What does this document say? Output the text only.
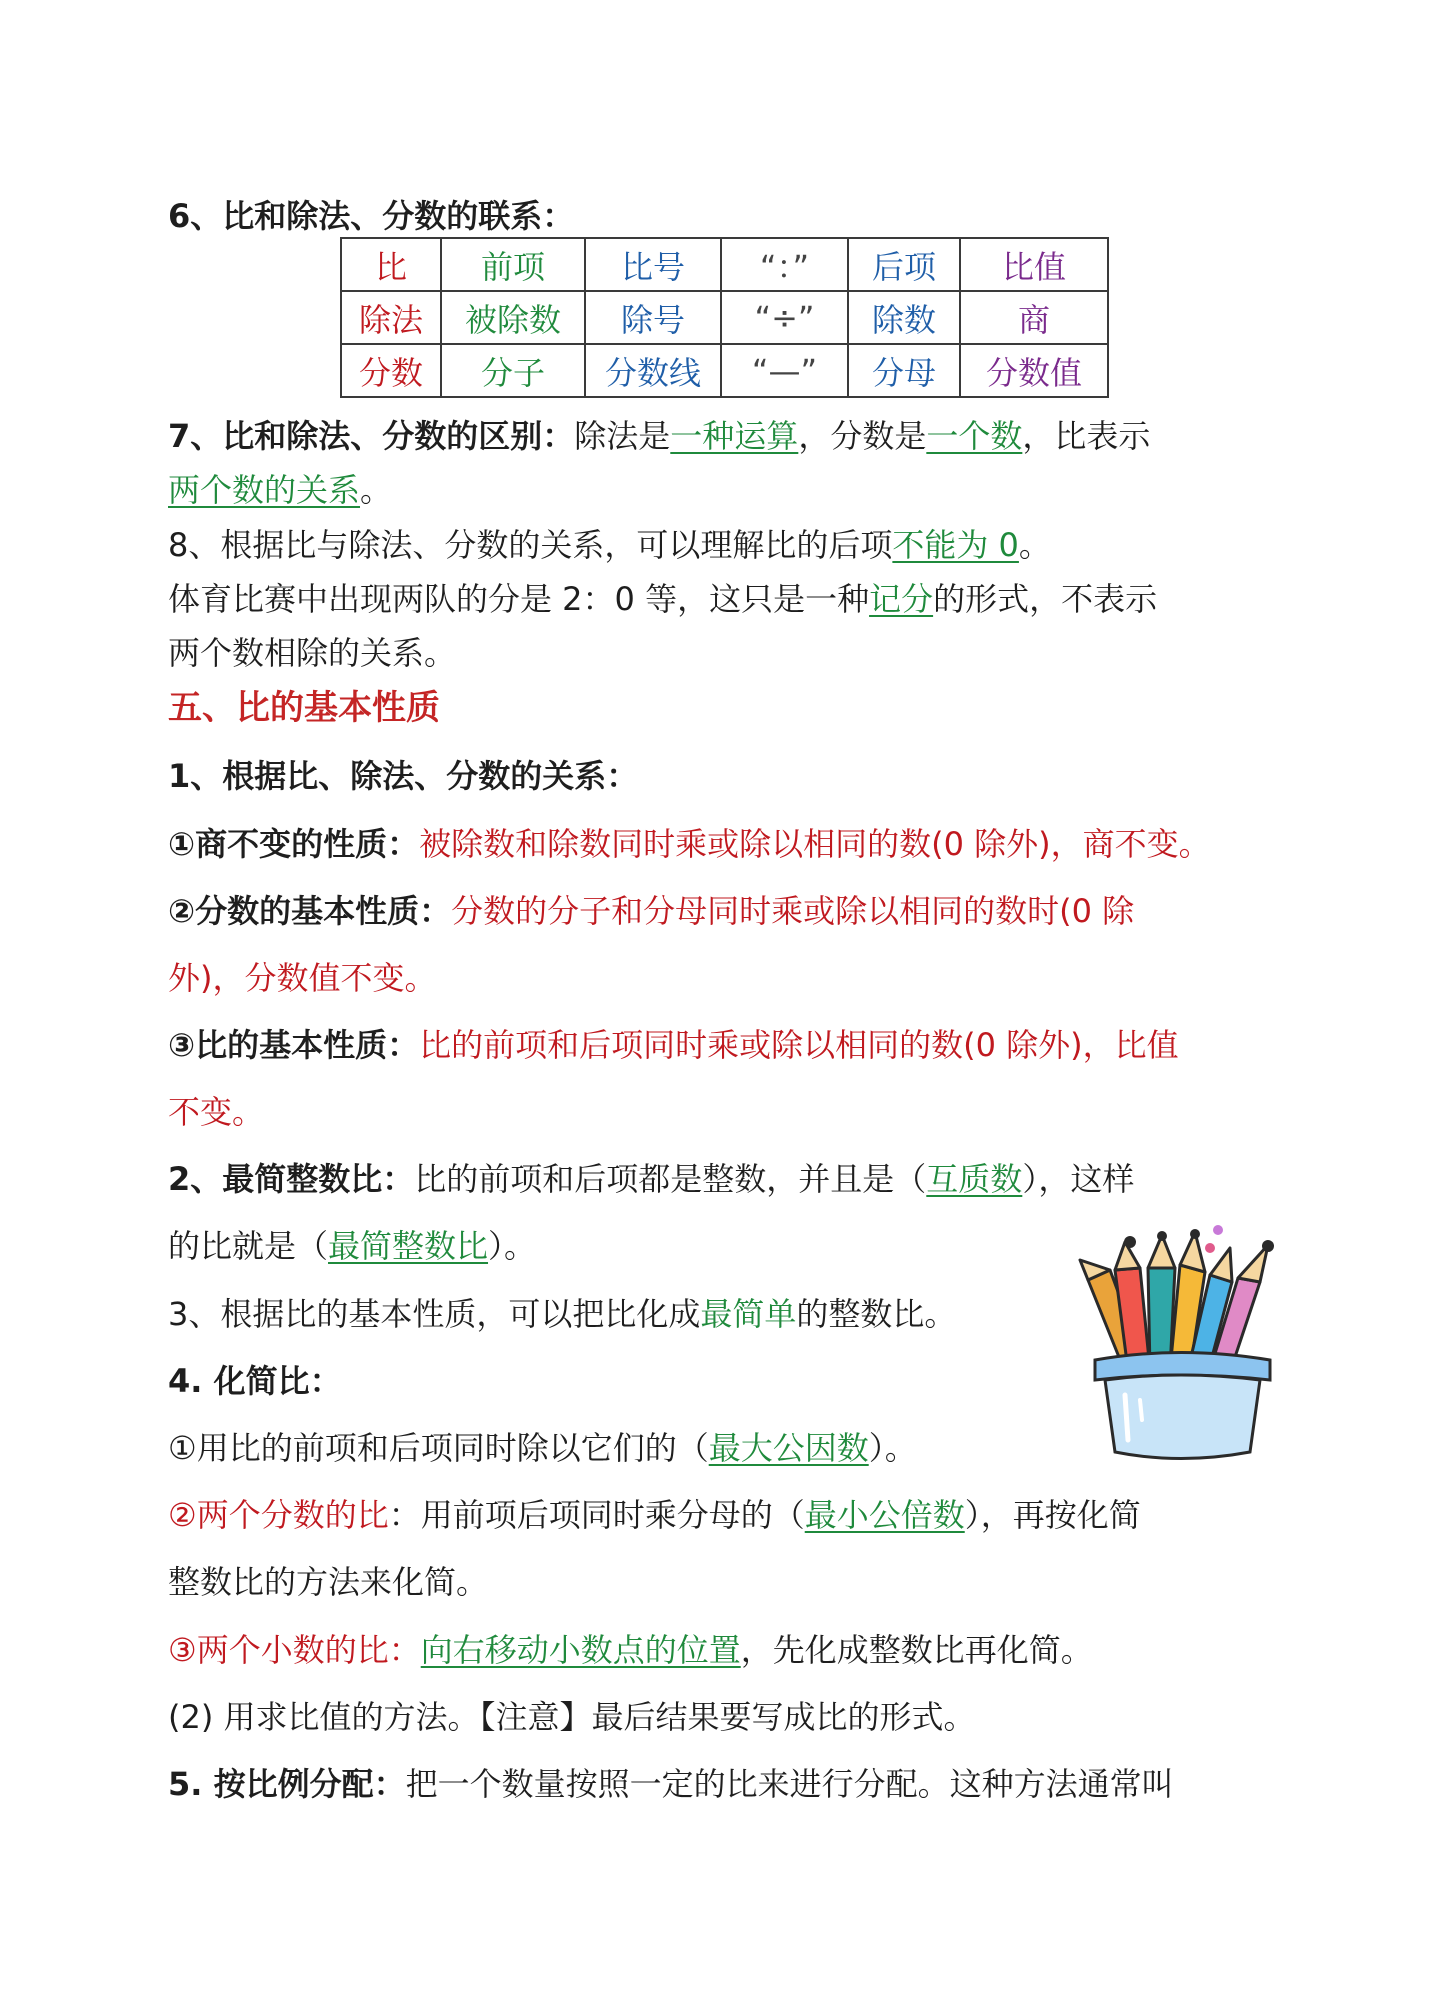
6、比和除法、分数的联系：
比	前项	比号	“：”	后项	比值
除法	被除数	除号	“÷”	除数	商
分数	分子	分数线	“—”	分母	分数值
7、比和除法、分数的区别：除法是一种运算，分数是一个数，比表示
两个数的关系。
8、根据比与除法、分数的关系，可以理解比的后项不能为 0。
体育比赛中出现两队的分是 2：0 等，这只是一种记分的形式，不表示
两个数相除的关系。
五、比的基本性质
1、根据比、除法、分数的关系：
①商不变的性质：被除数和除数同时乘或除以相同的数(0 除外)，商不变。
②分数的基本性质：分数的分子和分母同时乘或除以相同的数时(0 除
外)，分数值不变。
③比的基本性质：比的前项和后项同时乘或除以相同的数(0 除外)，比值
不变。
2、最简整数比：比的前项和后项都是整数，并且是（互质数），这样
的比就是（最简整数比）。
3、根据比的基本性质，可以把比化成最简单的整数比。
4. 化简比：
①用比的前项和后项同时除以它们的（最大公因数）。
②两个分数的比：用前项后项同时乘分母的（最小公倍数），再按化简
整数比的方法来化简。
③两个小数的比：向右移动小数点的位置，先化成整数比再化简。
(2) 用求比值的方法。【注意】最后结果要写成比的形式。
5. 按比例分配：把一个数量按照一定的比来进行分配。这种方法通常叫
